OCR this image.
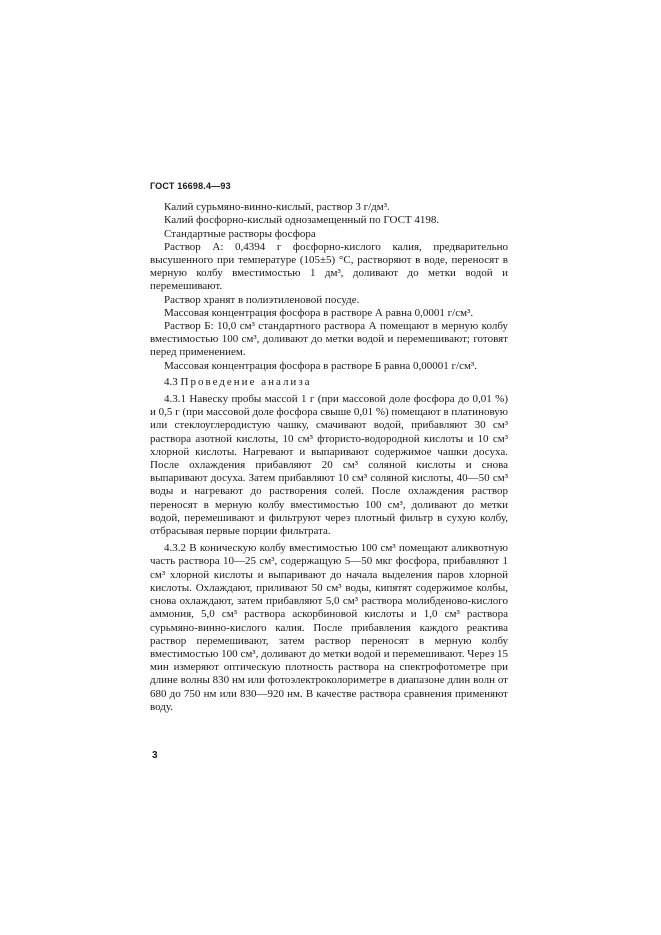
ГОСТ 16698.4—93

Калий сурьмяно-винно-кислый, раствор 3 г/дм³.

Калий фосфорно-кислый однозамещенный по ГОСТ 4198.

Стандартные растворы фосфора

Раствор А: 0,4394 г фосфорно-кислого калия, предварительно высушенного при температуре (105±5) °С, растворяют в воде, переносят в мерную колбу вместимостью 1 дм³, доливают до метки водой и перемешивают.

Раствор хранят в полиэтиленовой посуде.

Массовая концентрация фосфора в растворе А равна 0,0001 г/см³.

Раствор Б: 10,0 см³ стандартного раствора А помещают в мерную колбу вместимостью 100 см³, доливают до метки водой и перемешивают; готовят перед применением.

Массовая концентрация фосфора в растворе Б равна 0,00001 г/см³.

4.3 Проведение анализа

4.3.1 Навеску пробы массой 1 г (при массовой доле фосфора до 0,01 %) и 0,5 г (при массовой доле фосфора свыше 0,01 %) помещают в платиновую или стеклоуглеродистую чашку, смачивают водой, прибавляют 30 см³ раствора азотной кислоты, 10 см³ фтористо-водородной кислоты и 10 см³ хлорной кислоты. Нагревают и выпаривают содержимое чашки досуха. После охлаждения прибавляют 20 см³ соляной кислоты и снова выпаривают досуха. Затем прибавляют 10 см³ соляной кислоты, 40—50 см³ воды и нагревают до растворения солей. После охлаждения раствор переносят в мерную колбу вместимостью 100 см³, доливают до метки водой, перемешивают и фильтруют через плотный фильтр в сухую колбу, отбрасывая первые порции фильтрата.

4.3.2 В коническую колбу вместимостью 100 см³ помещают аликвотную часть раствора 10—25 см³, содержащую 5—50 мкг фосфора, прибавляют 1 см³ хлорной кислоты и выпаривают до начала выделения паров хлорной кислоты. Охлаждают, приливают 50 см³ воды, кипятят содержимое колбы, снова охлаждают, затем прибавляют 5,0 см³ раствора молибденово-кислого аммония, 5,0 см³ раствора аскорбиновой кислоты и 1,0 см³ раствора сурьмяно-винно-кислого калия. После прибавления каждого реактива раствор перемешивают, затем раствор переносят в мерную колбу вместимостью 100 см³, доливают до метки водой и перемешивают. Через 15 мин измеряют оптическую плотность раствора на спектрофотометре при длине волны 830 нм или фотоэлектроколориметре в диапазоне длин волн от 680 до 750 нм или 830—920 нм. В качестве раствора сравнения применяют воду.

3
